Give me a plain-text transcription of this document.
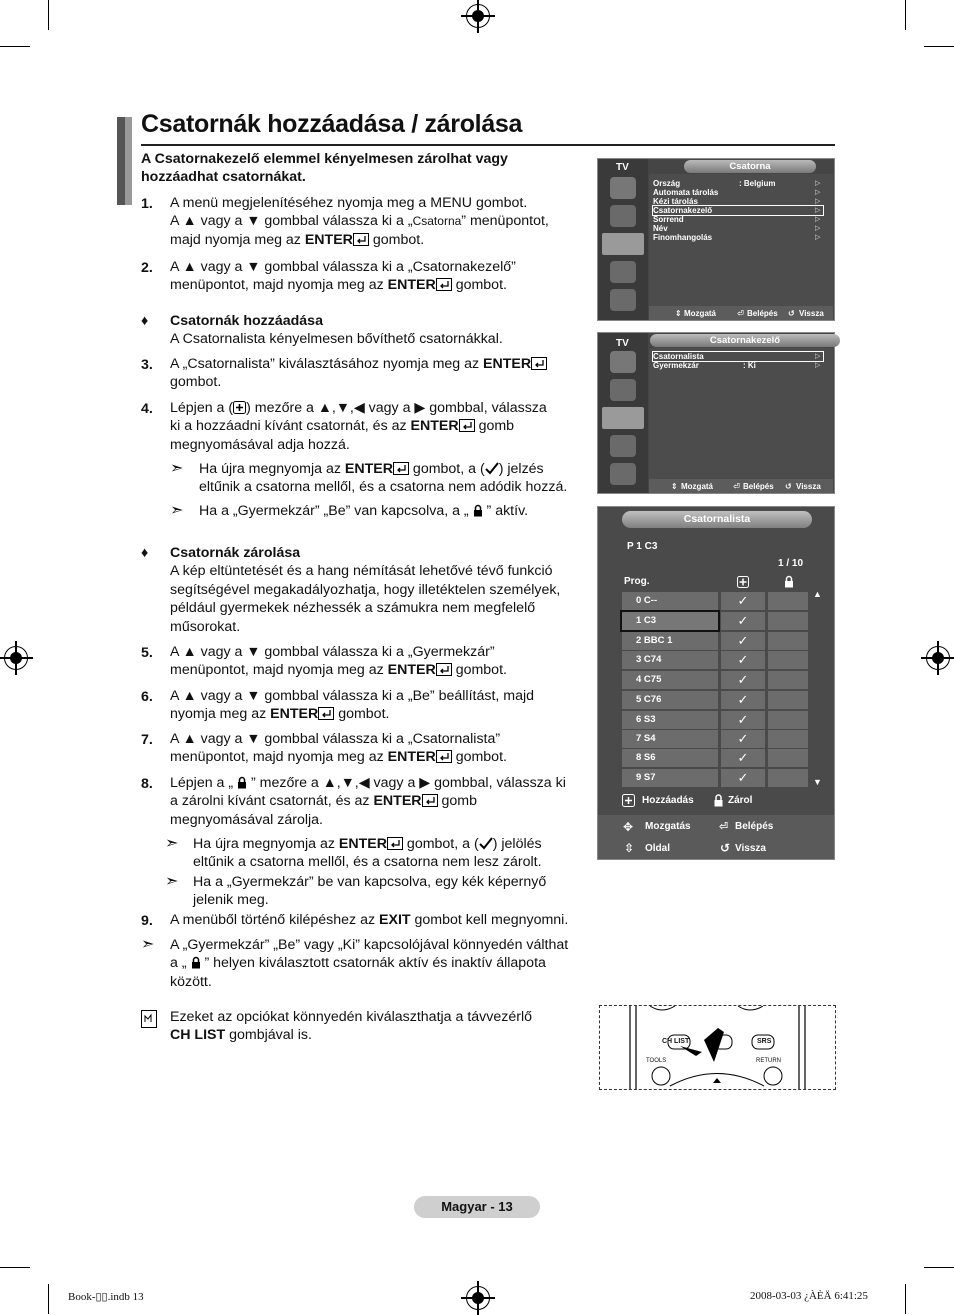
Csatornák hozzáadása / zárolása
A Csatornakezelő elemmel kényelmesen zárolhat vagy hozzáadhat csatornákat.
1. A menü megjelenítéséhez nyomja meg a MENU gombot.
A ▲ vagy a ▼ gombbal válassza ki a „Csatorna” menüpontot,
majd nyomja meg az ENTER gombot.
2. A ▲ vagy a ▼ gombbal válassza ki a „Csatornakezelő”
menüpontot, majd nyomja meg az ENTER gombot.
♦ Csatornák hozzáadása
A Csatornalista kényelmesen bővíthető csatornákkal.
3. A „Csatornalista” kiválasztásához nyomja meg az ENTER
gombot.
4. Lépjen a ( ) mezőre a ▲,▼,◀ vagy a ▶ gombbal, válassza
ki a hozzáadni kívánt csatornát, és az ENTER gomb
megnyomásával adja hozzá.
➣ Ha újra megnyomja az ENTER gombot, a ( ) jelzés
eltűnik a csatorna mellől, és a csatorna nem adódik hozzá.
➣ Ha a „Gyermekzár” „Be” van kapcsolva, a „  ” aktív.
♦ Csatornák zárolása
A kép eltüntetését és a hang némítását lehetővé tévő funkció
segítségével megakadályozhatja, hogy illetéktelen személyek,
például gyermekek nézhessék a számukra nem megfelelő
műsorokat.
5. A ▲ vagy a ▼ gombbal válassza ki a „Gyermekzár”
menüpontot, majd nyomja meg az ENTER gombot.
6. A ▲ vagy a ▼ gombbal válassza ki a „Be” beállítást, majd
nyomja meg az ENTER gombot.
7. A ▲ vagy a ▼ gombbal válassza ki a „Csatornalista”
menüpontot, majd nyomja meg az ENTER gombot.
8. Lépjen a „  ” mezőre a ▲,▼,◀ vagy a ▶ gombbal, válassza ki
a zárolni kívánt csatornát, és az ENTER gomb
megnyomásával zárolja.
➣ Ha újra megnyomja az ENTER gombot, a ( ) jelölés
eltűnik a csatorna mellől, és a csatorna nem lesz zárolt.
➣ Ha a „Gyermekzár” be van kapcsolva, egy kék képernyő
jelenik meg.
9. A menüből történő kilépéshez az EXIT gombot kell megnyomni.
➣ A „Gyermekzár” „Be” vagy „Ki” kapcsolójával könnyedén válthat
a „  ” helyen kiválasztott csatornák aktív és inaktív állapota
között.
Ezeket az opciókat könnyedén kiválaszthatja a távvezérlő
CH LIST gombjával is.
TV	Csatorna
Ország	: Belgium	▷
Automata tárolás	▷
Kézi tárolás	▷
Csatornakezelő	▷
Sorrend	▷
Név	▷
Finomhangolás	▷
⇕ Mozgatá	⏎ Belépés ↺ Vissza
TV	Csatornakezelő
Csatornalista	▷
Gyermekzár	: Ki	▷
⇕ Mozgatá	⏎ Belépés ↺ Vissza
Csatornalista
P 1 C3
1 / 10
Prog.
0 C--	✓
1 C3	✓
2 BBC 1	✓
3 C74	✓
4 C75	✓
5 C76	✓
6 S3	✓
7 S4	✓
8 S6	✓
9 S7	✓
▲
▼
Hozzáadás	Zárol
✥ Mozgatás	⏎ Belépés
⇳ Oldal	↺ Vissza
CH LIST	SRS
TOOLS	RETURN
Magyar - 13
Book-▯▯.indb 13	2008-03-03 ¿ÀÈÄ 6:41:25
